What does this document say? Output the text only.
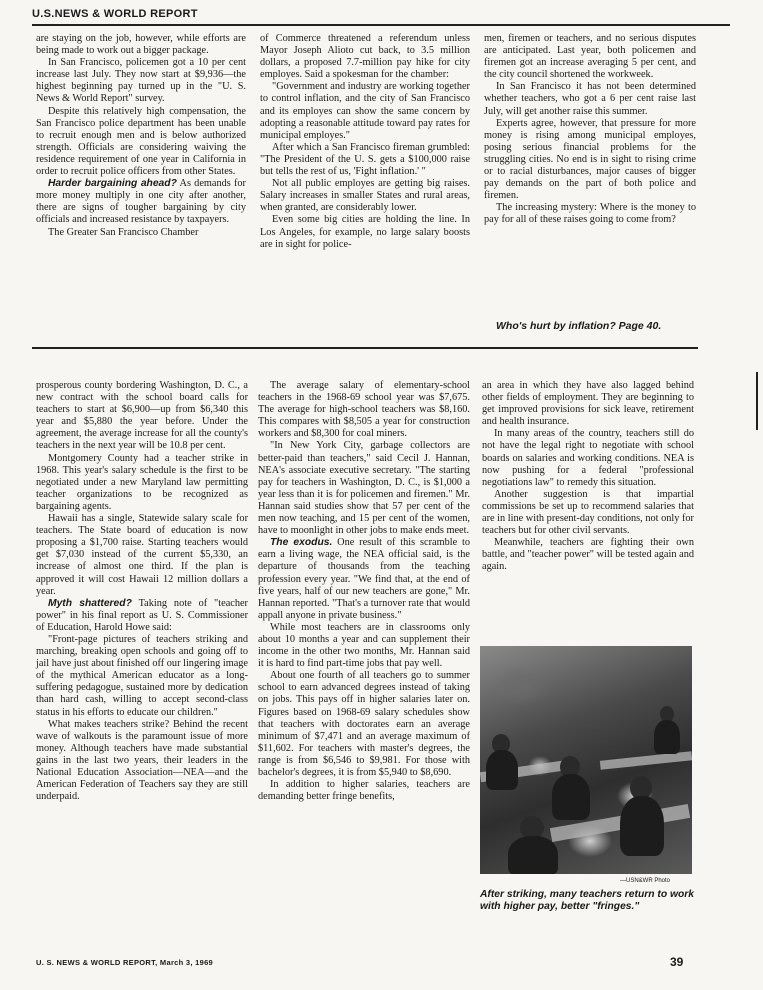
U.S.NEWS & WORLD REPORT

are staying on the job, however, while efforts are being made to work out a bigger package.

In San Francisco, policemen got a 10 per cent increase last July. They now start at $9,936—the highest beginning pay turned up in the "U. S. News & World Report" survey.

Despite this relatively high compensation, the San Francisco police department has been unable to recruit enough men and is below authorized strength. Officials are considering waiving the residence requirement of one year in California in order to recruit police officers from other States.

Harder bargaining ahead? As demands for more money multiply in one city after another, there are signs of tougher bargaining by city officials and increased resistance by taxpayers.

The Greater San Francisco Chamber

of Commerce threatened a referendum unless Mayor Joseph Alioto cut back, to 3.5 million dollars, a proposed 7.7-million pay hike for city employes. Said a spokesman for the chamber:

"Government and industry are working together to control inflation, and the city of San Francisco and its employes can show the same concern by adopting a reasonable attitude toward pay rates for municipal employes."

After which a San Francisco fireman grumbled: "The President of the U. S. gets a $100,000 raise but tells the rest of us, 'Fight inflation.' "

Not all public employes are getting big raises. Salary increases in smaller States and rural areas, when granted, are considerably lower.

Even some big cities are holding the line. In Los Angeles, for example, no large salary boosts are in sight for police-

men, firemen or teachers, and no serious disputes are anticipated. Last year, both policemen and firemen got an increase averaging 5 per cent, and the city council shortened the workweek.

In San Francisco it has not been determined whether teachers, who got a 6 per cent raise last July, will get another raise this summer.

Experts agree, however, that pressure for more money is rising among municipal employes, posing serious financial problems for the struggling cities. No end is in sight to rising crime or to racial disturbances, major causes of bigger pay demands on the part of both police and firemen.

The increasing mystery: Where is the money to pay for all of these raises going to come from?

Who's hurt by inflation? Page 40.

prosperous county bordering Washington, D. C., a new contract with the school board calls for teachers to start at $6,900—up from $6,340 this year and $5,880 the year before. Under the agreement, the average increase for all the county's teachers in the next year will be 10.8 per cent.

Montgomery County had a teacher strike in 1968. This year's salary schedule is the first to be negotiated under a new Maryland law permitting teacher organizations to be recognized as bargaining agents.

Hawaii has a single, Statewide salary scale for teachers. The State board of education is now proposing a $1,700 raise. Starting teachers would get $7,030 instead of the current $5,330, an increase of almost one third. If the plan is approved it will cost Hawaii 12 million dollars a year.

Myth shattered? Taking note of "teacher power" in his final report as U. S. Commissioner of Education, Harold Howe said:

"Front-page pictures of teachers striking and marching, breaking open schools and going off to jail have just about finished off our lingering image of the mythical American educator as a long-suffering pedagogue, sustained more by dedication than hard cash, willing to accept second-class status in his efforts to educate our children."

What makes teachers strike? Behind the recent wave of walkouts is the paramount issue of more money. Although teachers have made substantial gains in the last two years, their leaders in the National Education Association—NEA—and the American Federation of Teachers say they are still underpaid.

The average salary of elementary-school teachers in the 1968-69 school year was $7,675. The average for high-school teachers was $8,160. This compares with $8,505 a year for construction workers and $8,300 for coal miners.

"In New York City, garbage collectors are better-paid than teachers," said Cecil J. Hannan, NEA's associate executive secretary. "The starting pay for teachers in Washington, D. C., is $1,000 a year less than it is for policemen and firemen." Mr. Hannan said studies show that 57 per cent of the men now teaching, and 15 per cent of the women, have to moonlight in other jobs to make ends meet.

The exodus. One result of this scramble to earn a living wage, the NEA official said, is the departure of thousands from the teaching profession every year. "We find that, at the end of five years, half of our new teachers are gone," Mr. Hannan reported. "That's a turnover rate that would appall anyone in private business."

While most teachers are in classrooms only about 10 months a year and can supplement their income in the other two months, Mr. Hannan said it is hard to find part-time jobs that pay well.

About one fourth of all teachers go to summer school to earn advanced degrees instead of taking on jobs. This pays off in higher salaries later on. Figures based on 1968-69 salary schedules show that teachers with doctorates earn an average minimum of $7,471 and an average maximum of $11,602. For teachers with master's degrees, the range is from $6,546 to $9,981. For those with bachelor's degrees, it is from $5,940 to $8,690.

In addition to higher salaries, teachers are demanding better fringe benefits,

an area in which they have also lagged behind other fields of employment. They are beginning to get improved provisions for sick leave, retirement and health insurance.

In many areas of the country, teachers still do not have the legal right to negotiate with school boards on salaries and working conditions. NEA is now pushing for a federal "professional negotiations law" to remedy this situation.

Another suggestion is that impartial commissions be set up to recommend salaries that are in line with present-day conditions, not only for teachers but for other civil servants.

Meanwhile, teachers are fighting their own battle, and "teacher power" will be tested again and again.

—USN&WR Photo
After striking, many teachers return to work with higher pay, better "fringes."
U. S. NEWS & WORLD REPORT, March 3, 1969	39
